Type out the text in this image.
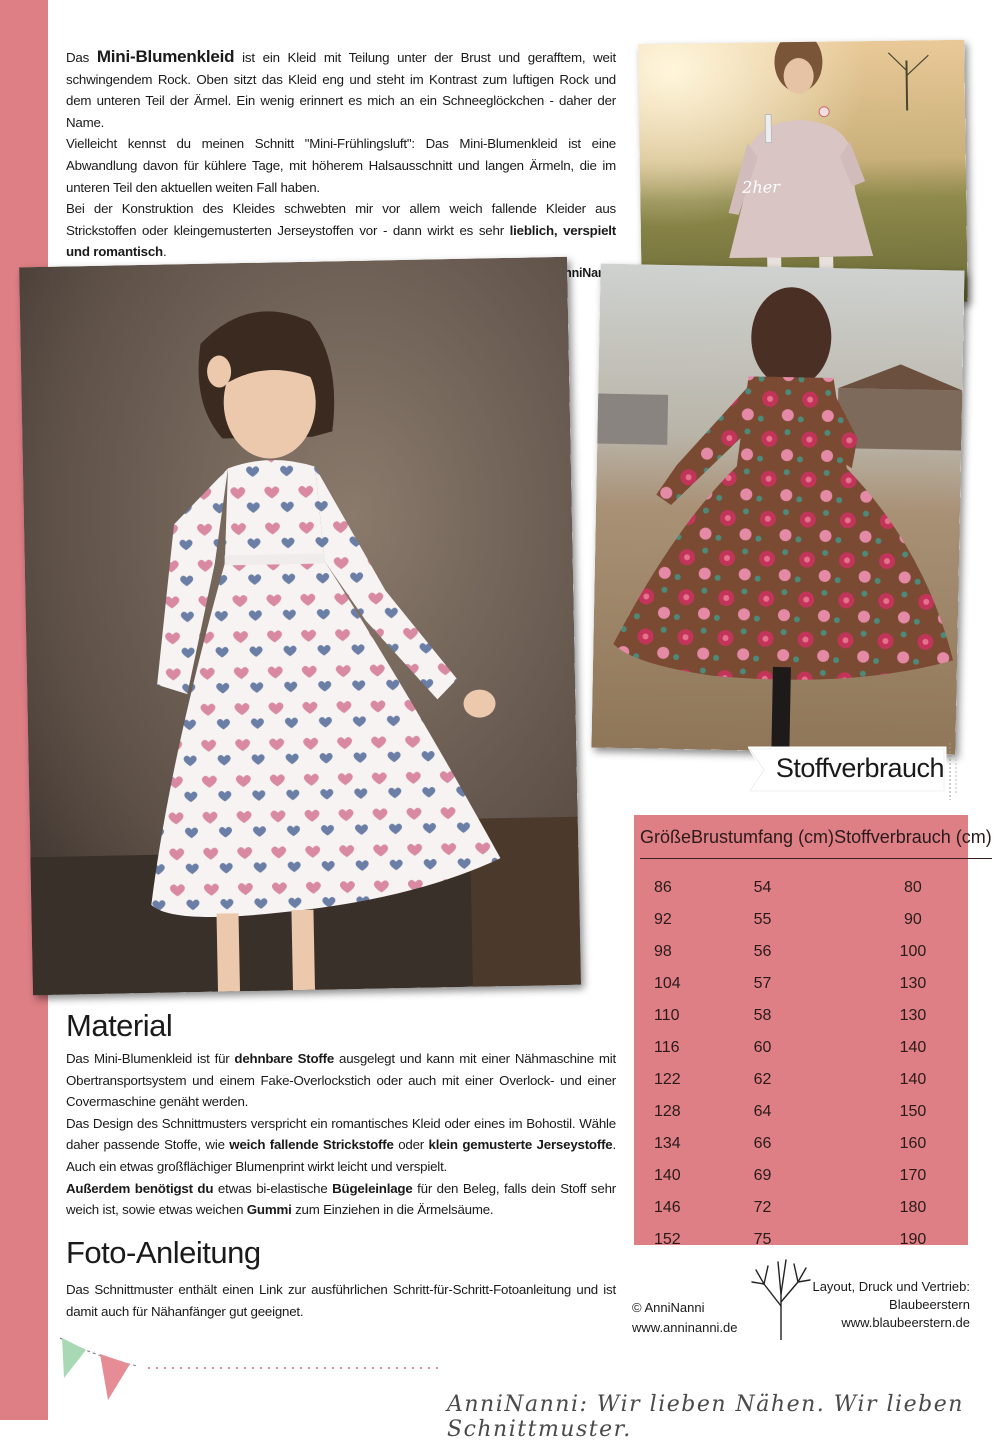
Das Mini-Blumenkleid ist ein Kleid mit Teilung unter der Brust und gerafftem, weit schwingendem Rock. Oben sitzt das Kleid eng und steht im Kontrast zum luftigen Rock und dem unteren Teil der Ärmel. Ein wenig erinnert es mich an ein Schneeglöckchen - daher der Name.

Vielleicht kennst du meinen Schnitt "Mini-Frühlingsluft": Das Mini-Blumenkleid ist eine Abwandlung davon für kühlere Tage, mit höherem Halsausschnitt und langen Ärmeln, die im unteren Teil den aktuellen weiten Fall haben.

Bei der Konstruktion des Kleides schwebten mir vor allem weich fallende Kleider aus Strickstoffen oder kleingemusterten Jerseystoffen vor - dann wirkt es sehr lieblich, verspielt und romantisch.

AnniNanni

2her
Stoffverbrauch
Größe	Brustumfang (cm)	Stoffverbrauch (cm)
86	54	80
92	55	90
98	56	100
104	57	130
110	58	130
116	60	140
122	62	140
128	64	150
134	66	160
140	69	170
146	72	180
152	75	190
Material

Das Mini-Blumenkleid ist für dehnbare Stoffe ausgelegt und kann mit einer Nähmaschine mit Obertransportsystem und einem Fake-Overlockstich oder auch mit einer Overlock- und einer Covermaschine genäht werden.

Das Design des Schnittmusters verspricht ein romantisches Kleid oder eines im Bohostil. Wähle daher passende Stoffe, wie weich fallende Strickstoffe oder klein gemusterte Jerseystoffe. Auch ein etwas großflächiger Blumenprint wirkt leicht und verspielt.

Außerdem benötigst du etwas bi-elastische Bügeleinlage für den Beleg, falls dein Stoff sehr weich ist, sowie etwas weichen Gummi zum Einziehen in die Ärmelsäume.

Foto-Anleitung

Das Schnittmuster enthält einen Link zur ausführlichen Schritt-für-Schritt-Fotoanleitung und ist damit auch für Nähanfänger gut geeignet.	© AnniNanni
www.anninanni.de
Layout, Druck und Vertrieb:
Blaubeerstern
www.blaubeerstern.de
AnniNanni: Wir lieben Nähen. Wir lieben Schnittmuster.
